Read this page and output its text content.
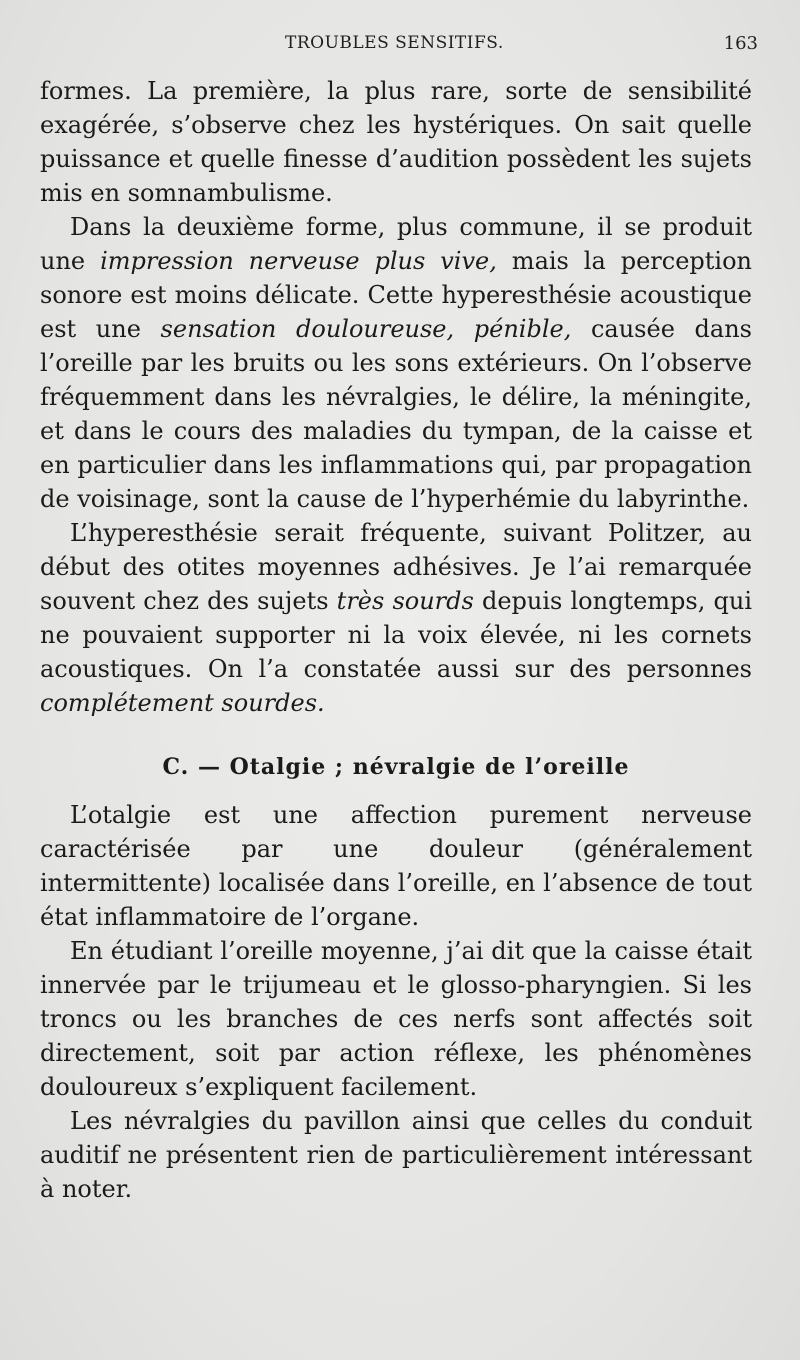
TROUBLES SENSITIFS.	163

formes. La première, la plus rare, sorte de sensibilité exagérée, s’observe chez les hystériques. On sait quelle puissance et quelle finesse d’audition possèdent les sujets mis en somnambulisme.

Dans la deuxième forme, plus commune, il se produit une impression nerveuse plus vive, mais la perception sonore est moins délicate. Cette hyperesthésie acoustique est une sensation douloureuse, pénible, causée dans l’oreille par les bruits ou les sons extérieurs. On l’observe fréquemment dans les névralgies, le délire, la méningite, et dans le cours des maladies du tympan, de la caisse et en particulier dans les inflammations qui, par propagation de voisinage, sont la cause de l’hyperhémie du labyrinthe.

L’hyperesthésie serait fréquente, suivant Politzer, au début des otites moyennes adhésives. Je l’ai remarquée souvent chez des sujets très sourds depuis longtemps, qui ne pouvaient supporter ni la voix élevée, ni les cornets acoustiques. On l’a constatée aussi sur des personnes complétement sourdes.

C. — Otalgie ; névralgie de l’oreille

L’otalgie est une affection purement nerveuse caractérisée par une douleur (généralement intermittente) localisée dans l’oreille, en l’absence de tout état inflammatoire de l’organe.

En étudiant l’oreille moyenne, j’ai dit que la caisse était innervée par le trijumeau et le glosso-pharyngien. Si les troncs ou les branches de ces nerfs sont affectés soit directement, soit par action réflexe, les phénomènes douloureux s’expliquent facilement.

Les névralgies du pavillon ainsi que celles du conduit auditif ne présentent rien de particulièrement intéressant à noter.
